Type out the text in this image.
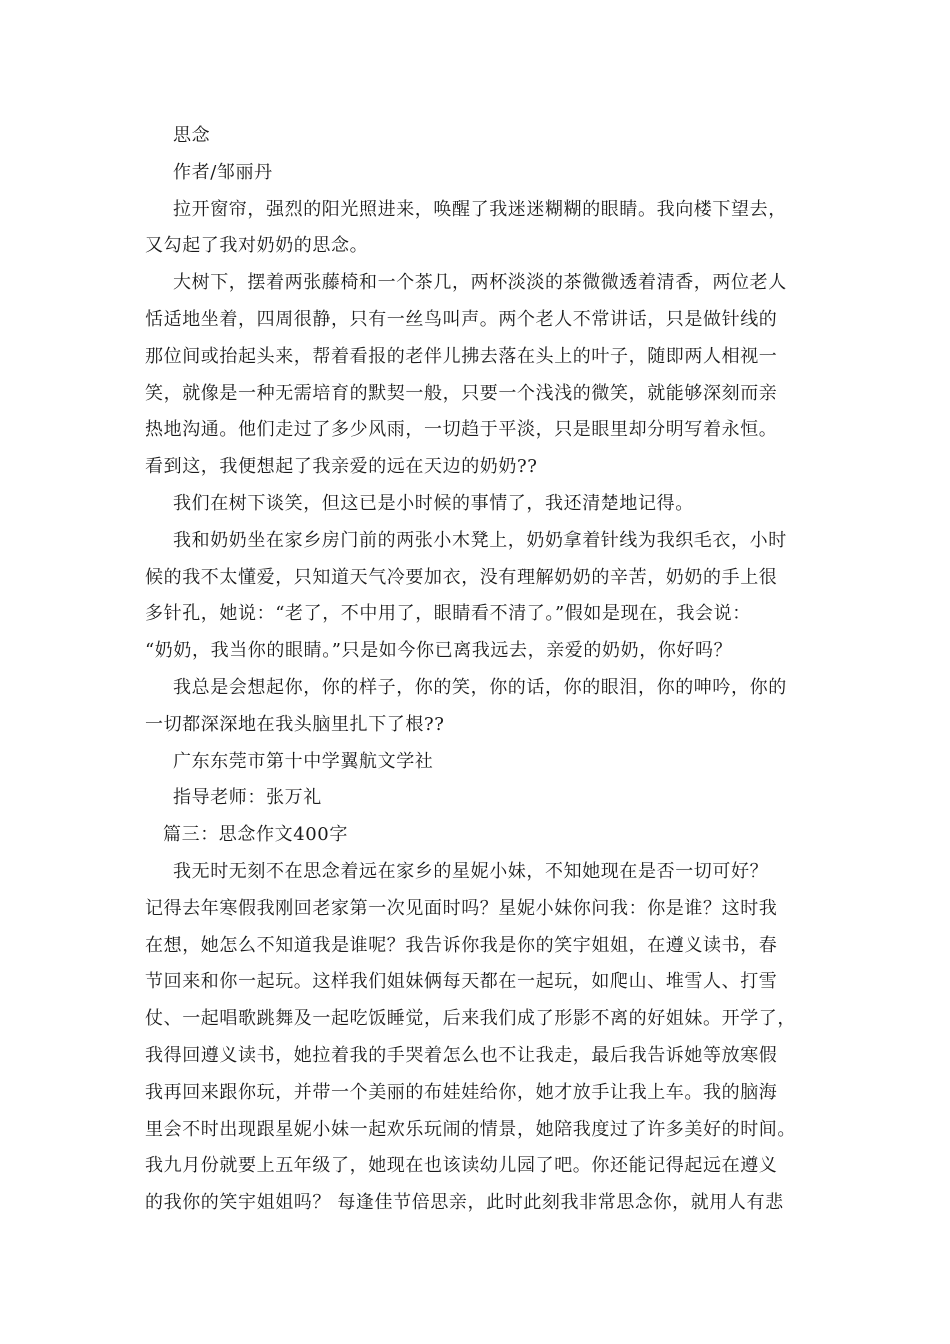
思念
作者/邹丽丹
拉开窗帘，强烈的阳光照进来，唤醒了我迷迷糊糊的眼睛。我向楼下望去，
又勾起了我对奶奶的思念。
大树下，摆着两张藤椅和一个茶几，两杯淡淡的茶微微透着清香，两位老人
恬适地坐着，四周很静，只有一丝鸟叫声。两个老人不常讲话，只是做针线的
那位间或抬起头来，帮着看报的老伴儿拂去落在头上的叶子，随即两人相视一
笑，就像是一种无需培育的默契一般，只要一个浅浅的微笑，就能够深刻而亲
热地沟通。他们走过了多少风雨，一切趋于平淡，只是眼里却分明写着永恒。
看到这，我便想起了我亲爱的远在天边的奶奶??
我们在树下谈笑，但这已是小时候的事情了，我还清楚地记得。
我和奶奶坐在家乡房门前的两张小木凳上，奶奶拿着针线为我织毛衣，小时
候的我不太懂爱，只知道天气冷要加衣，没有理解奶奶的辛苦，奶奶的手上很
多针孔，她说：“老了，不中用了，眼睛看不清了。”假如是现在，我会说：
“奶奶，我当你的眼睛。”只是如今你已离我远去，亲爱的奶奶，你好吗？
我总是会想起你，你的样子，你的笑，你的话，你的眼泪，你的呻吟，你的
一切都深深地在我头脑里扎下了根??
广东东莞市第十中学翼航文学社
指导老师：张万礼
篇三：思念作文400字
我无时无刻不在思念着远在家乡的星妮小妹，不知她现在是否一切可好？
记得去年寒假我刚回老家第一次见面时吗？星妮小妹你问我：你是谁？这时我
在想，她怎么不知道我是谁呢？我告诉你我是你的笑宇姐姐，在遵义读书，春
节回来和你一起玩。这样我们姐妹俩每天都在一起玩，如爬山、堆雪人、打雪
仗、一起唱歌跳舞及一起吃饭睡觉，后来我们成了形影不离的好姐妹。开学了，
我得回遵义读书，她拉着我的手哭着怎么也不让我走，最后我告诉她等放寒假
我再回来跟你玩，并带一个美丽的布娃娃给你，她才放手让我上车。我的脑海
里会不时出现跟星妮小妹一起欢乐玩闹的情景，她陪我度过了许多美好的时间。
我九月份就要上五年级了，她现在也该读幼儿园了吧。你还能记得起远在遵义
的我你的笑宇姐姐吗？ 每逢佳节倍思亲，此时此刻我非常思念你，就用人有悲
